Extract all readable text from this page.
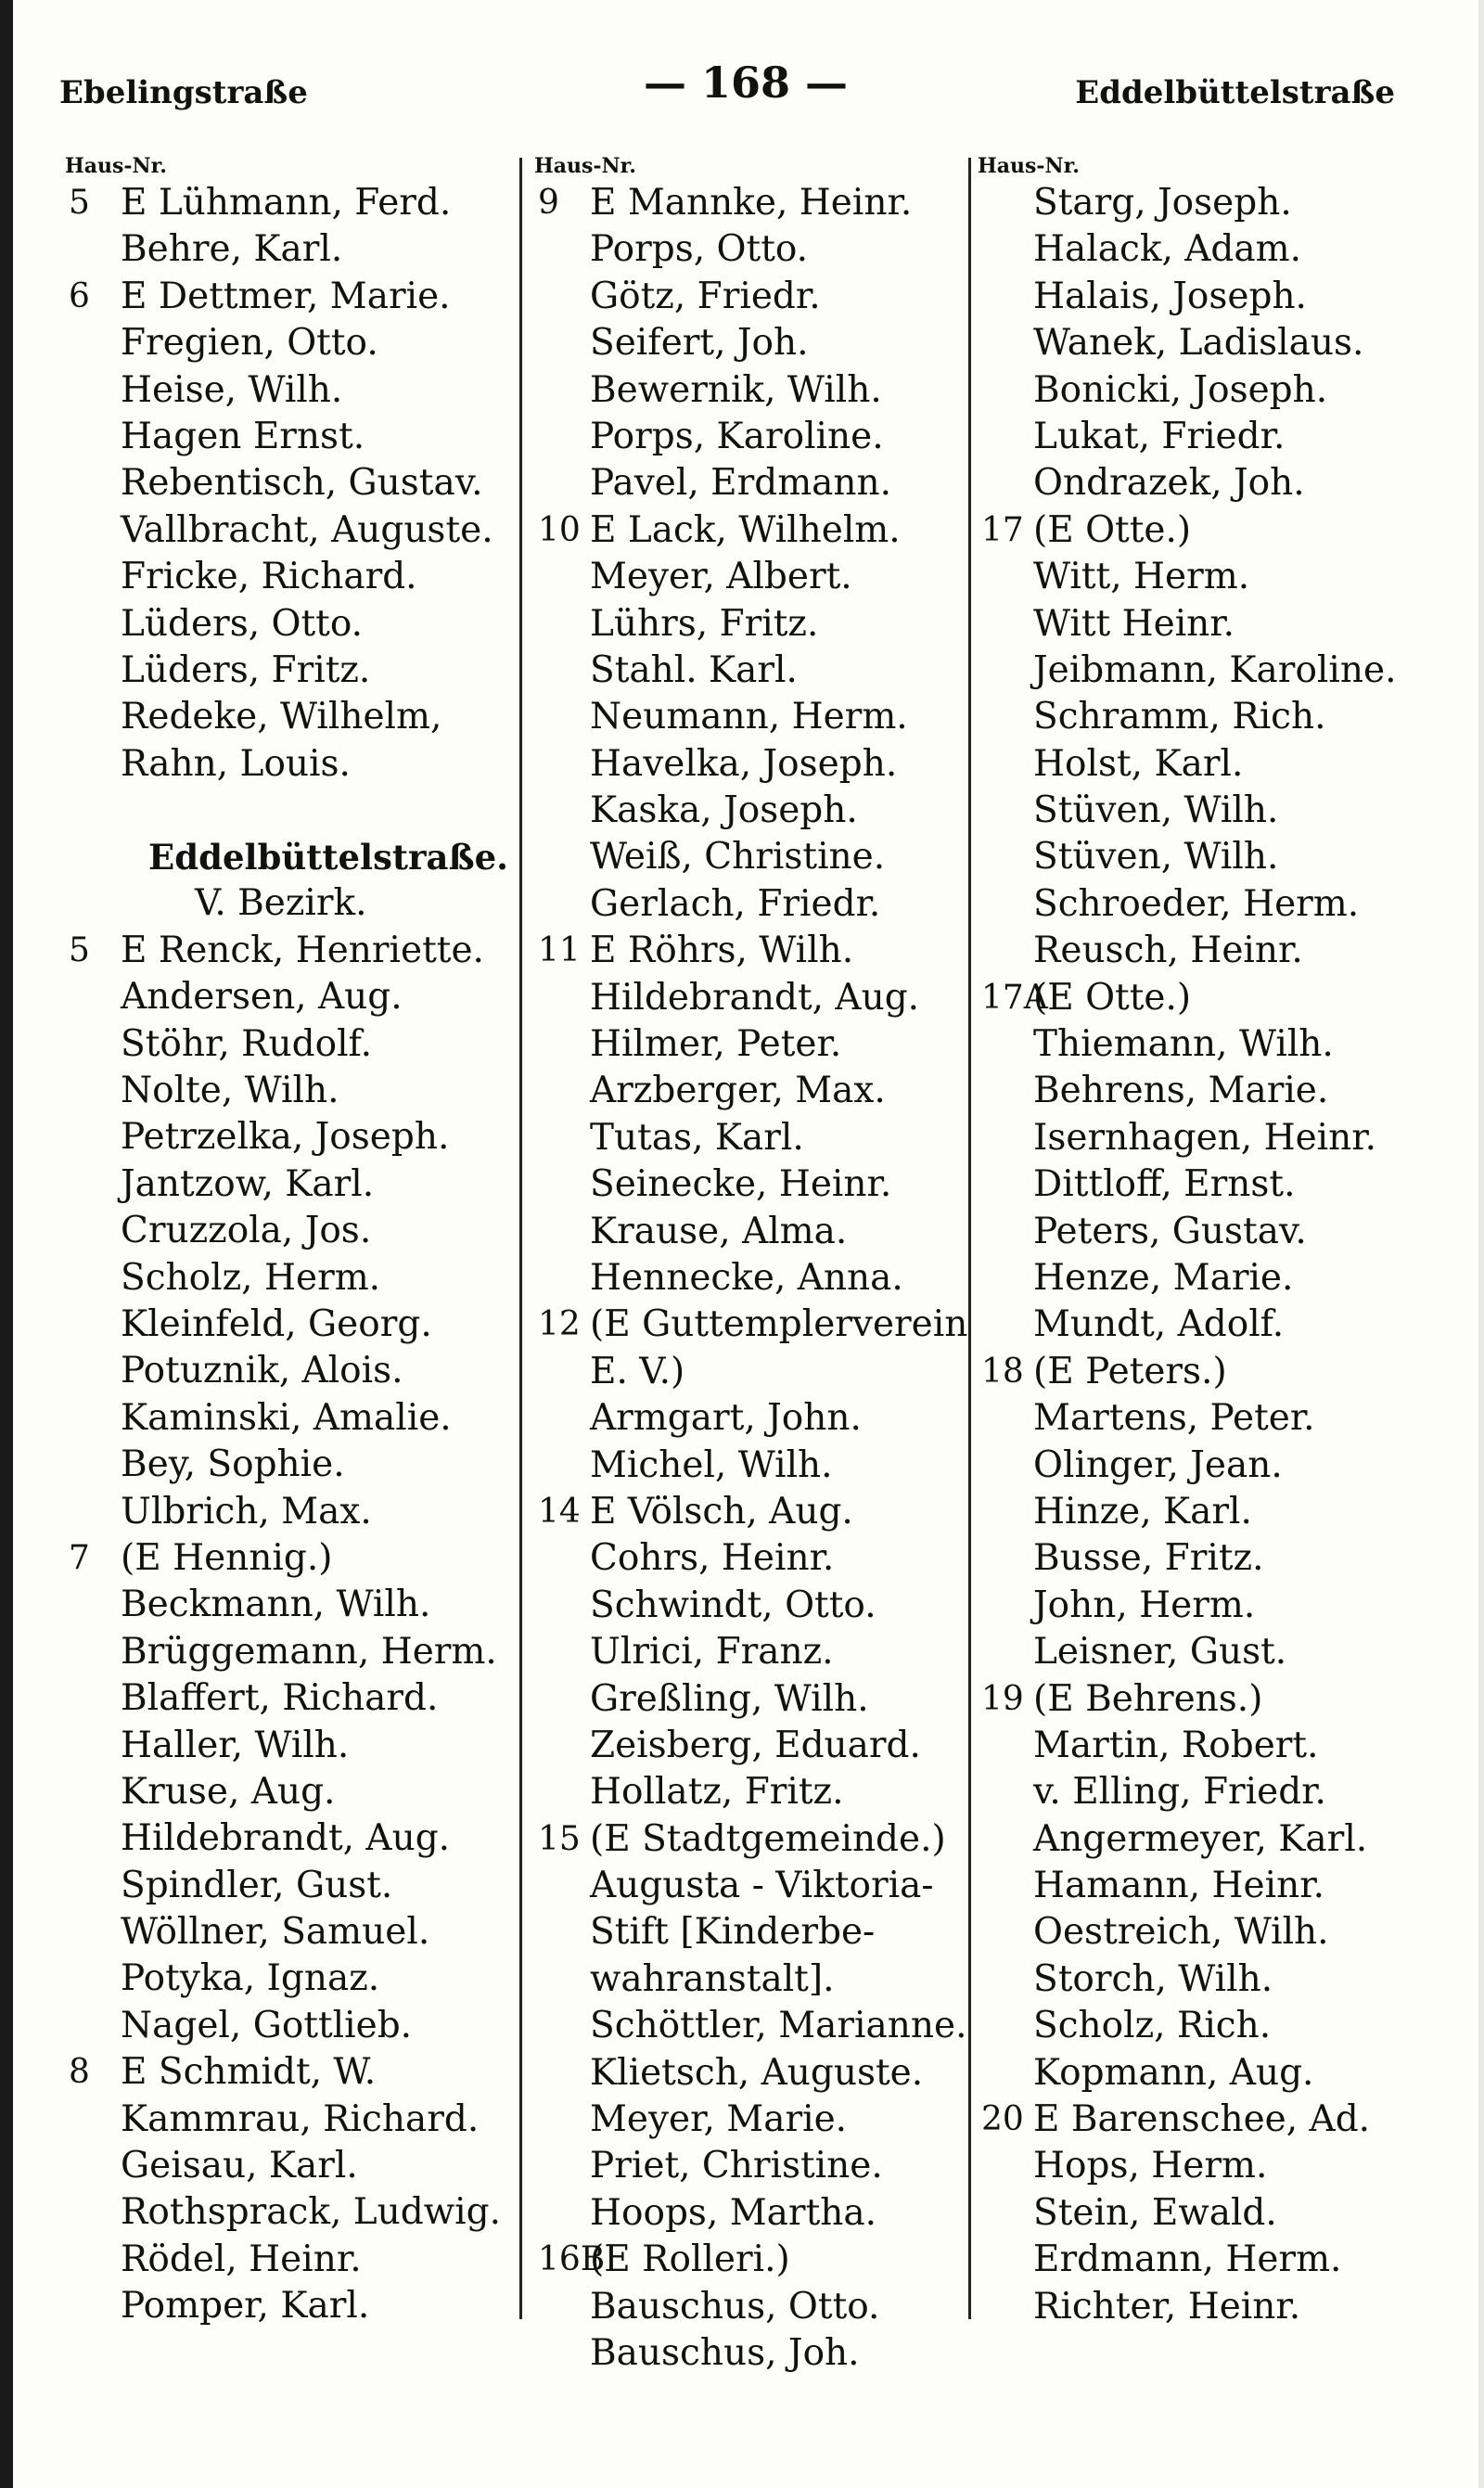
Ebelingstraße	— 168 —	Eddelbüttelstraße
Haus-Nr.
5 E Lühmann, Ferd.
Behre, Karl.
6 E Dettmer, Marie.
Fregien, Otto.
Heise, Wilh.
Hagen Ernst.
Rebentisch, Gustav.
Vallbracht, Auguste.
Fricke, Richard.
Lüders, Otto.
Lüders, Fritz.
Redeke, Wilhelm,
Rahn, Louis.
Eddelbüttelstraße.
V. Bezirk.
5 E Renck, Henriette.
Andersen, Aug.
Stöhr, Rudolf.
Nolte, Wilh.
Petrzelka, Joseph.
Jantzow, Karl.
Cruzzola, Jos.
Scholz, Herm.
Kleinfeld, Georg.
Potuznik, Alois.
Kaminski, Amalie.
Bey, Sophie.
Ulbrich, Max.
7 (E Hennig.)
Beckmann, Wilh.
Brüggemann, Herm.
Blaffert, Richard.
Haller, Wilh.
Kruse, Aug.
Hildebrandt, Aug.
Spindler, Gust.
Wöllner, Samuel.
Potyka, Ignaz.
Nagel, Gottlieb.
8 E Schmidt, W.
Kammrau, Richard.
Geisau, Karl.
Rothsprack, Ludwig.
Rödel, Heinr.
Pomper, Karl.
Haus-Nr.
9 E Mannke, Heinr.
Porps, Otto.
Götz, Friedr.
Seifert, Joh.
Bewernik, Wilh.
Porps, Karoline.
Pavel, Erdmann.
10 E Lack, Wilhelm.
Meyer, Albert.
Lührs, Fritz.
Stahl. Karl.
Neumann, Herm.
Havelka, Joseph.
Kaska, Joseph.
Weiß, Christine.
Gerlach, Friedr.
11 E Röhrs, Wilh.
Hildebrandt, Aug.
Hilmer, Peter.
Arzberger, Max.
Tutas, Karl.
Seinecke, Heinr.
Krause, Alma.
Hennecke, Anna.
12 (E Guttemplerverein
E. V.)
Armgart, John.
Michel, Wilh.
14 E Völsch, Aug.
Cohrs, Heinr.
Schwindt, Otto.
Ulrici, Franz.
Greßling, Wilh.
Zeisberg, Eduard.
Hollatz, Fritz.
15 (E Stadtgemeinde.)
Augusta - Viktoria-
Stift [Kinderbe-
wahranstalt].
Schöttler, Marianne.
Klietsch, Auguste.
Meyer, Marie.
Priet, Christine.
Hoops, Martha.
16B
(E Rolleri.)
Bauschus, Otto.
Bauschus, Joh.
Haus-Nr.
Starg, Joseph.
Halack, Adam.
Halais, Joseph.
Wanek, Ladislaus.
Bonicki, Joseph.
Lukat, Friedr.
Ondrazek, Joh.
17 (E Otte.)
Witt, Herm.
Witt Heinr.
Jeibmann, Karoline.
Schramm, Rich.
Holst, Karl.
Stüven, Wilh.
Stüven, Wilh.
Schroeder, Herm.
Reusch, Heinr.
17A
(E Otte.)
Thiemann, Wilh.
Behrens, Marie.
Isernhagen, Heinr.
Dittloff, Ernst.
Peters, Gustav.
Henze, Marie.
Mundt, Adolf.
18 (E Peters.)
Martens, Peter.
Olinger, Jean.
Hinze, Karl.
Busse, Fritz.
John, Herm.
Leisner, Gust.
19 (E Behrens.)
Martin, Robert.
v. Elling, Friedr.
Angermeyer, Karl.
Hamann, Heinr.
Oestreich, Wilh.
Storch, Wilh.
Scholz, Rich.
Kopmann, Aug.
20 E Barenschee, Ad.
Hops, Herm.
Stein, Ewald.
Erdmann, Herm.
Richter, Heinr.
